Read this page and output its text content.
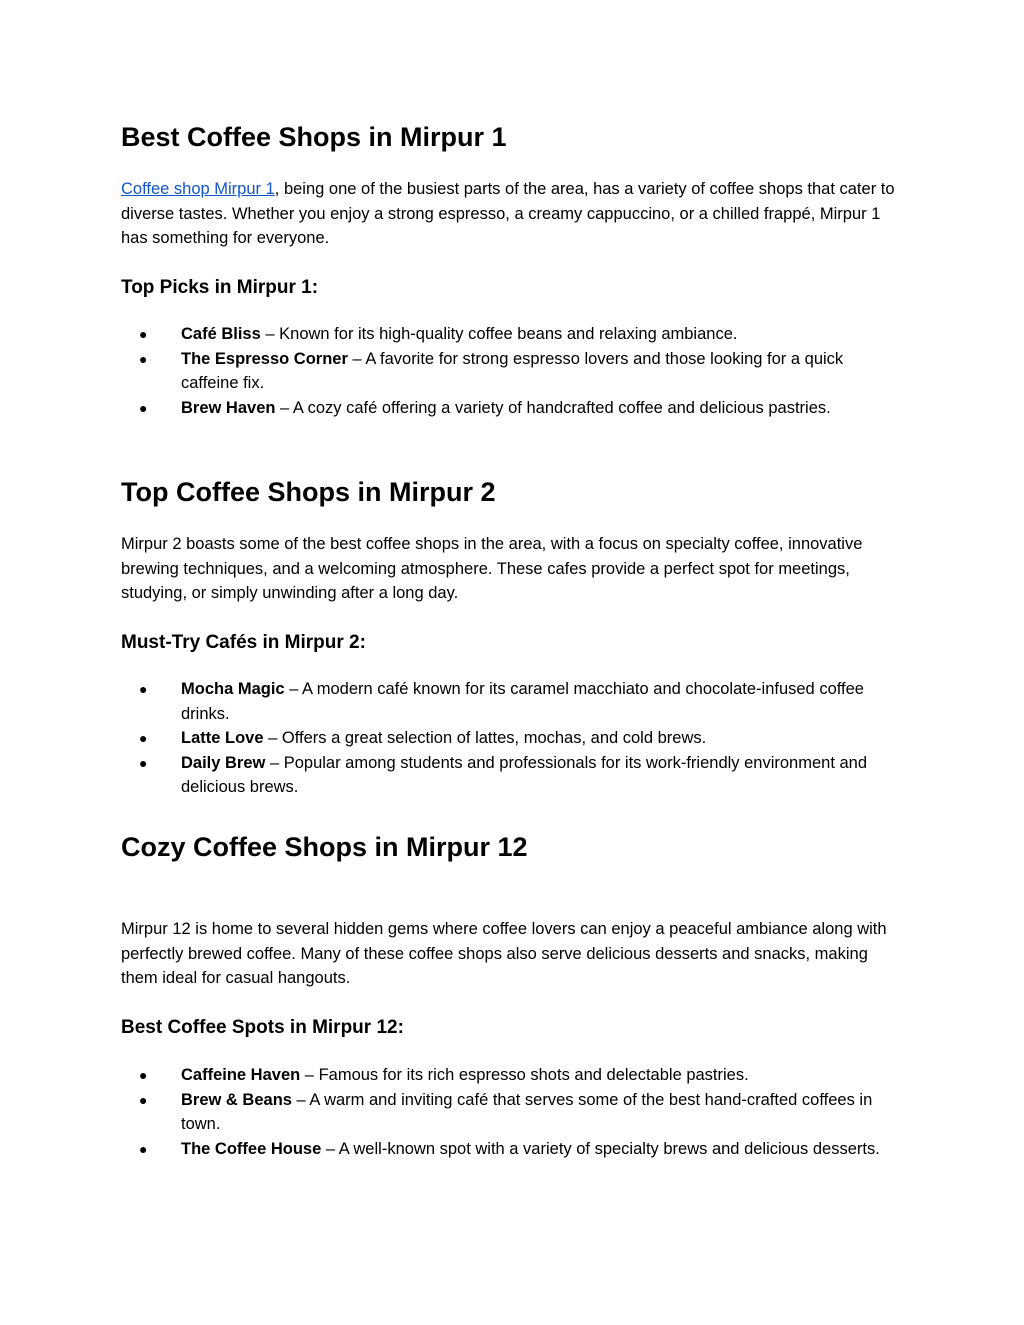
Best Coffee Shops in Mirpur 1

Coffee shop Mirpur 1, being one of the busiest parts of the area, has a variety of coffee shops that cater to diverse tastes. Whether you enjoy a strong espresso, a creamy cappuccino, or a chilled frappé, Mirpur 1 has something for everyone.

Top Picks in Mirpur 1:
● Café Bliss – Known for its high-quality coffee beans and relaxing ambiance.
● The Espresso Corner – A favorite for strong espresso lovers and those looking for a quick caffeine fix.
● Brew Haven – A cozy café offering a variety of handcrafted coffee and delicious pastries.
Top Coffee Shops in Mirpur 2

Mirpur 2 boasts some of the best coffee shops in the area, with a focus on specialty coffee, innovative brewing techniques, and a welcoming atmosphere. These cafes provide a perfect spot for meetings, studying, or simply unwinding after a long day.

Must-Try Cafés in Mirpur 2:
● Mocha Magic – A modern café known for its caramel macchiato and chocolate-infused coffee drinks.
● Latte Love – Offers a great selection of lattes, mochas, and cold brews.
● Daily Brew – Popular among students and professionals for its work-friendly environment and delicious brews.
Cozy Coffee Shops in Mirpur 12

Mirpur 12 is home to several hidden gems where coffee lovers can enjoy a peaceful ambiance along with perfectly brewed coffee. Many of these coffee shops also serve delicious desserts and snacks, making them ideal for casual hangouts.

Best Coffee Spots in Mirpur 12:
● Caffeine Haven – Famous for its rich espresso shots and delectable pastries.
● Brew & Beans – A warm and inviting café that serves some of the best hand-crafted coffees in town.
● The Coffee House – A well-known spot with a variety of specialty brews and delicious desserts.
